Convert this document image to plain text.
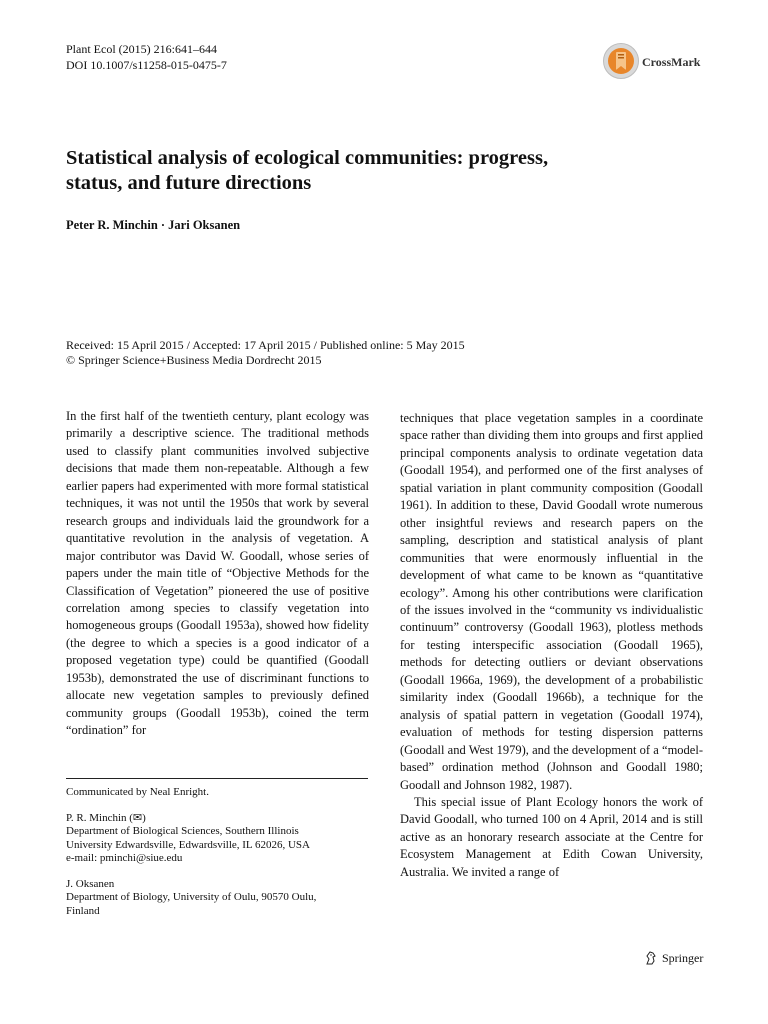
Plant Ecol (2015) 216:641–644
DOI 10.1007/s11258-015-0475-7	CrossMark
Statistical analysis of ecological communities: progress,
status, and future directions
Peter R. Minchin · Jari Oksanen
Received: 15 April 2015 / Accepted: 17 April 2015 / Published online: 5 May 2015
© Springer Science+Business Media Dordrecht 2015

In the first half of the twentieth century, plant ecology was primarily a descriptive science. The traditional methods used to classify plant communities involved subjective decisions that made them non-repeatable. Although a few earlier papers had experimented with more formal statistical techniques, it was not until the 1950s that work by several research groups and individuals laid the groundwork for a quantitative revolution in the analysis of vegetation. A major contributor was David W. Goodall, whose series of papers under the main title of “Objective Methods for the Classification of Vegetation” pioneered the use of positive correlation among species to classify vegetation into homogeneous groups (Goodall 1953a), showed how fidelity (the degree to which a species is a good indicator of a proposed vegetation type) could be quantified (Goodall 1953b), demonstrated the use of discriminant functions to allocate new vegetation samples to previously defined community groups (Goodall 1953b), coined the term “ordination” for

techniques that place vegetation samples in a coordinate space rather than dividing them into groups and first applied principal components analysis to ordinate vegetation data (Goodall 1954), and performed one of the first analyses of spatial variation in plant community composition (Goodall 1961). In addition to these, David Goodall wrote numerous other insightful reviews and research papers on the sampling, description and statistical analysis of plant communities that were enormously influential in the development of what came to be known as “quantitative ecology”. Among his other contributions were clarification of the issues involved in the “community vs individualistic continuum” controversy (Goodall 1963), plotless methods for testing interspecific association (Goodall 1965), methods for detecting outliers or deviant observations (Goodall 1966a, 1969), the development of a probabilistic similarity index (Goodall 1966b), a technique for the analysis of spatial pattern in vegetation (Goodall 1974), evaluation of methods for testing dispersion patterns (Goodall and West 1979), and the development of a “model-based” ordination method (Johnson and Goodall 1980; Goodall and Johnson 1982, 1987).

This special issue of Plant Ecology honors the work of David Goodall, who turned 100 on 4 April, 2014 and is still active as an honorary research associate at the Centre for Ecosystem Management at Edith Cowan University, Australia. We invited a range of

Communicated by Neal Enright.
P. R. Minchin (✉)
Department of Biological Sciences, Southern Illinois
University Edwardsville, Edwardsville, IL 62026, USA
e-mail: pminchi@siue.edu
J. Oksanen
Department of Biology, University of Oulu, 90570 Oulu,
Finland
Springer
